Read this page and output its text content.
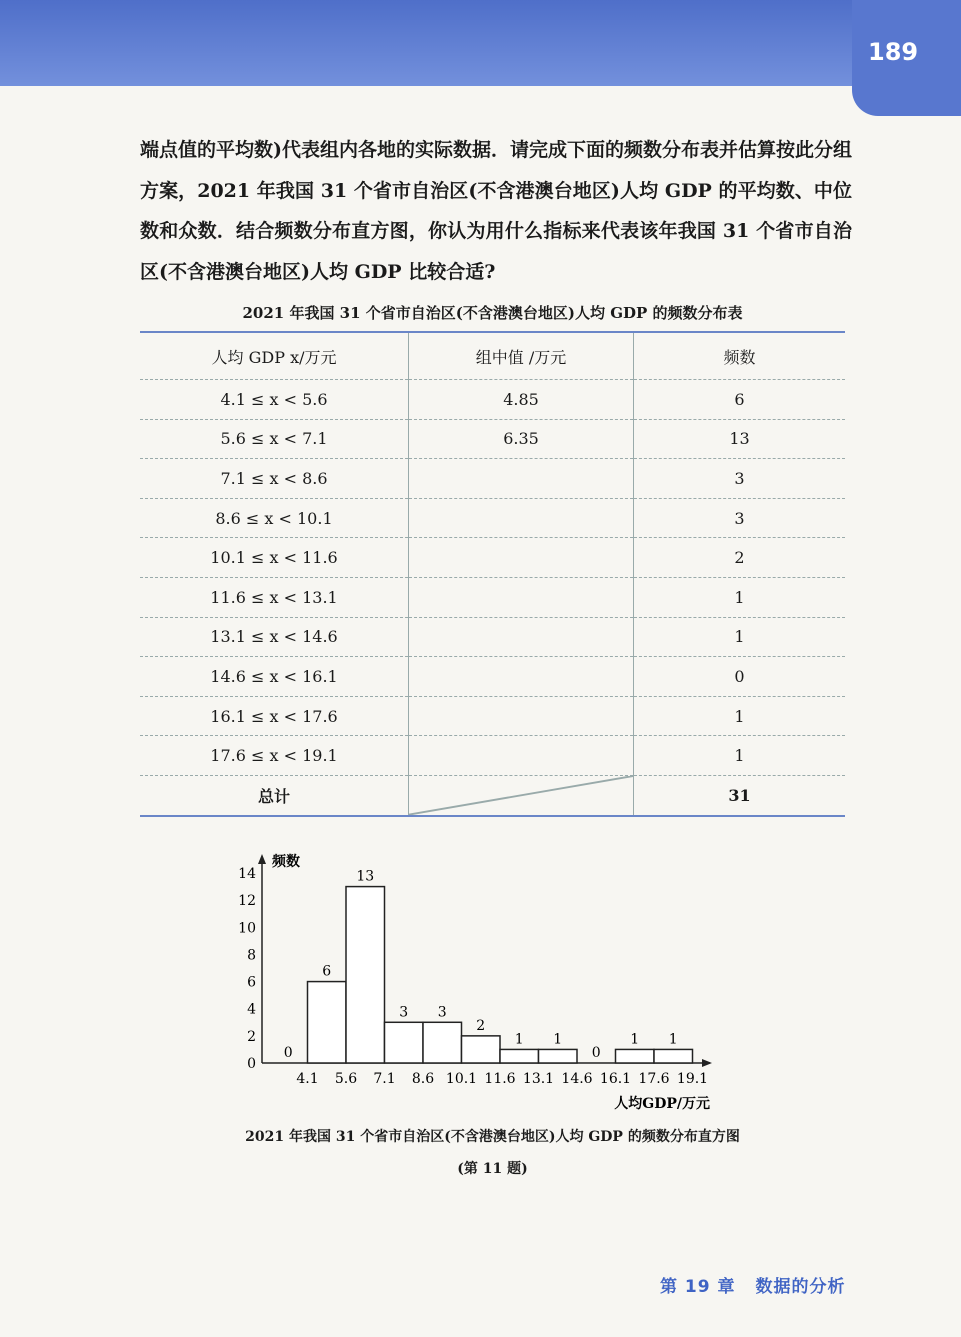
189

端点值的平均数)代表组内各地的实际数据．请完成下面的频数分布表并估算按此分组方案，2021 年我国 31 个省市自治区(不含港澳台地区)人均 GDP 的平均数、中位数和众数．结合频数分布直方图，你认为用什么指标来代表该年我国 31 个省市自治区(不含港澳台地区)人均 GDP 比较合适?

2021 年我国 31 个省市自治区(不含港澳台地区)人均 GDP 的频数分布表
人均 GDP x/万元	组中值 /万元	频数
4.1 ≤ x < 5.6	4.85	6
5.6 ≤ x < 7.1	6.35	13
7.1 ≤ x < 8.6		3
8.6 ≤ x < 10.1		3
10.1 ≤ x < 11.6		2
11.6 ≤ x < 13.1		1
13.1 ≤ x < 14.6		1
14.6 ≤ x < 16.1		0
16.1 ≤ x < 17.6		1
17.6 ≤ x < 19.1		1
总计		31
频数
0
2
4
6
8
10
12
14
4.1 5.6 7.1 8.6 10.1 11.6 13.1 14.6 16.1 17.6 19.1
人均GDP/万元
0
6
13
3 3
2
1 1
0
1 1
2021 年我国 31 个省市自治区(不含港澳台地区)人均 GDP 的频数分布直方图
(第 11 题)
第 19 章 数据的分析
